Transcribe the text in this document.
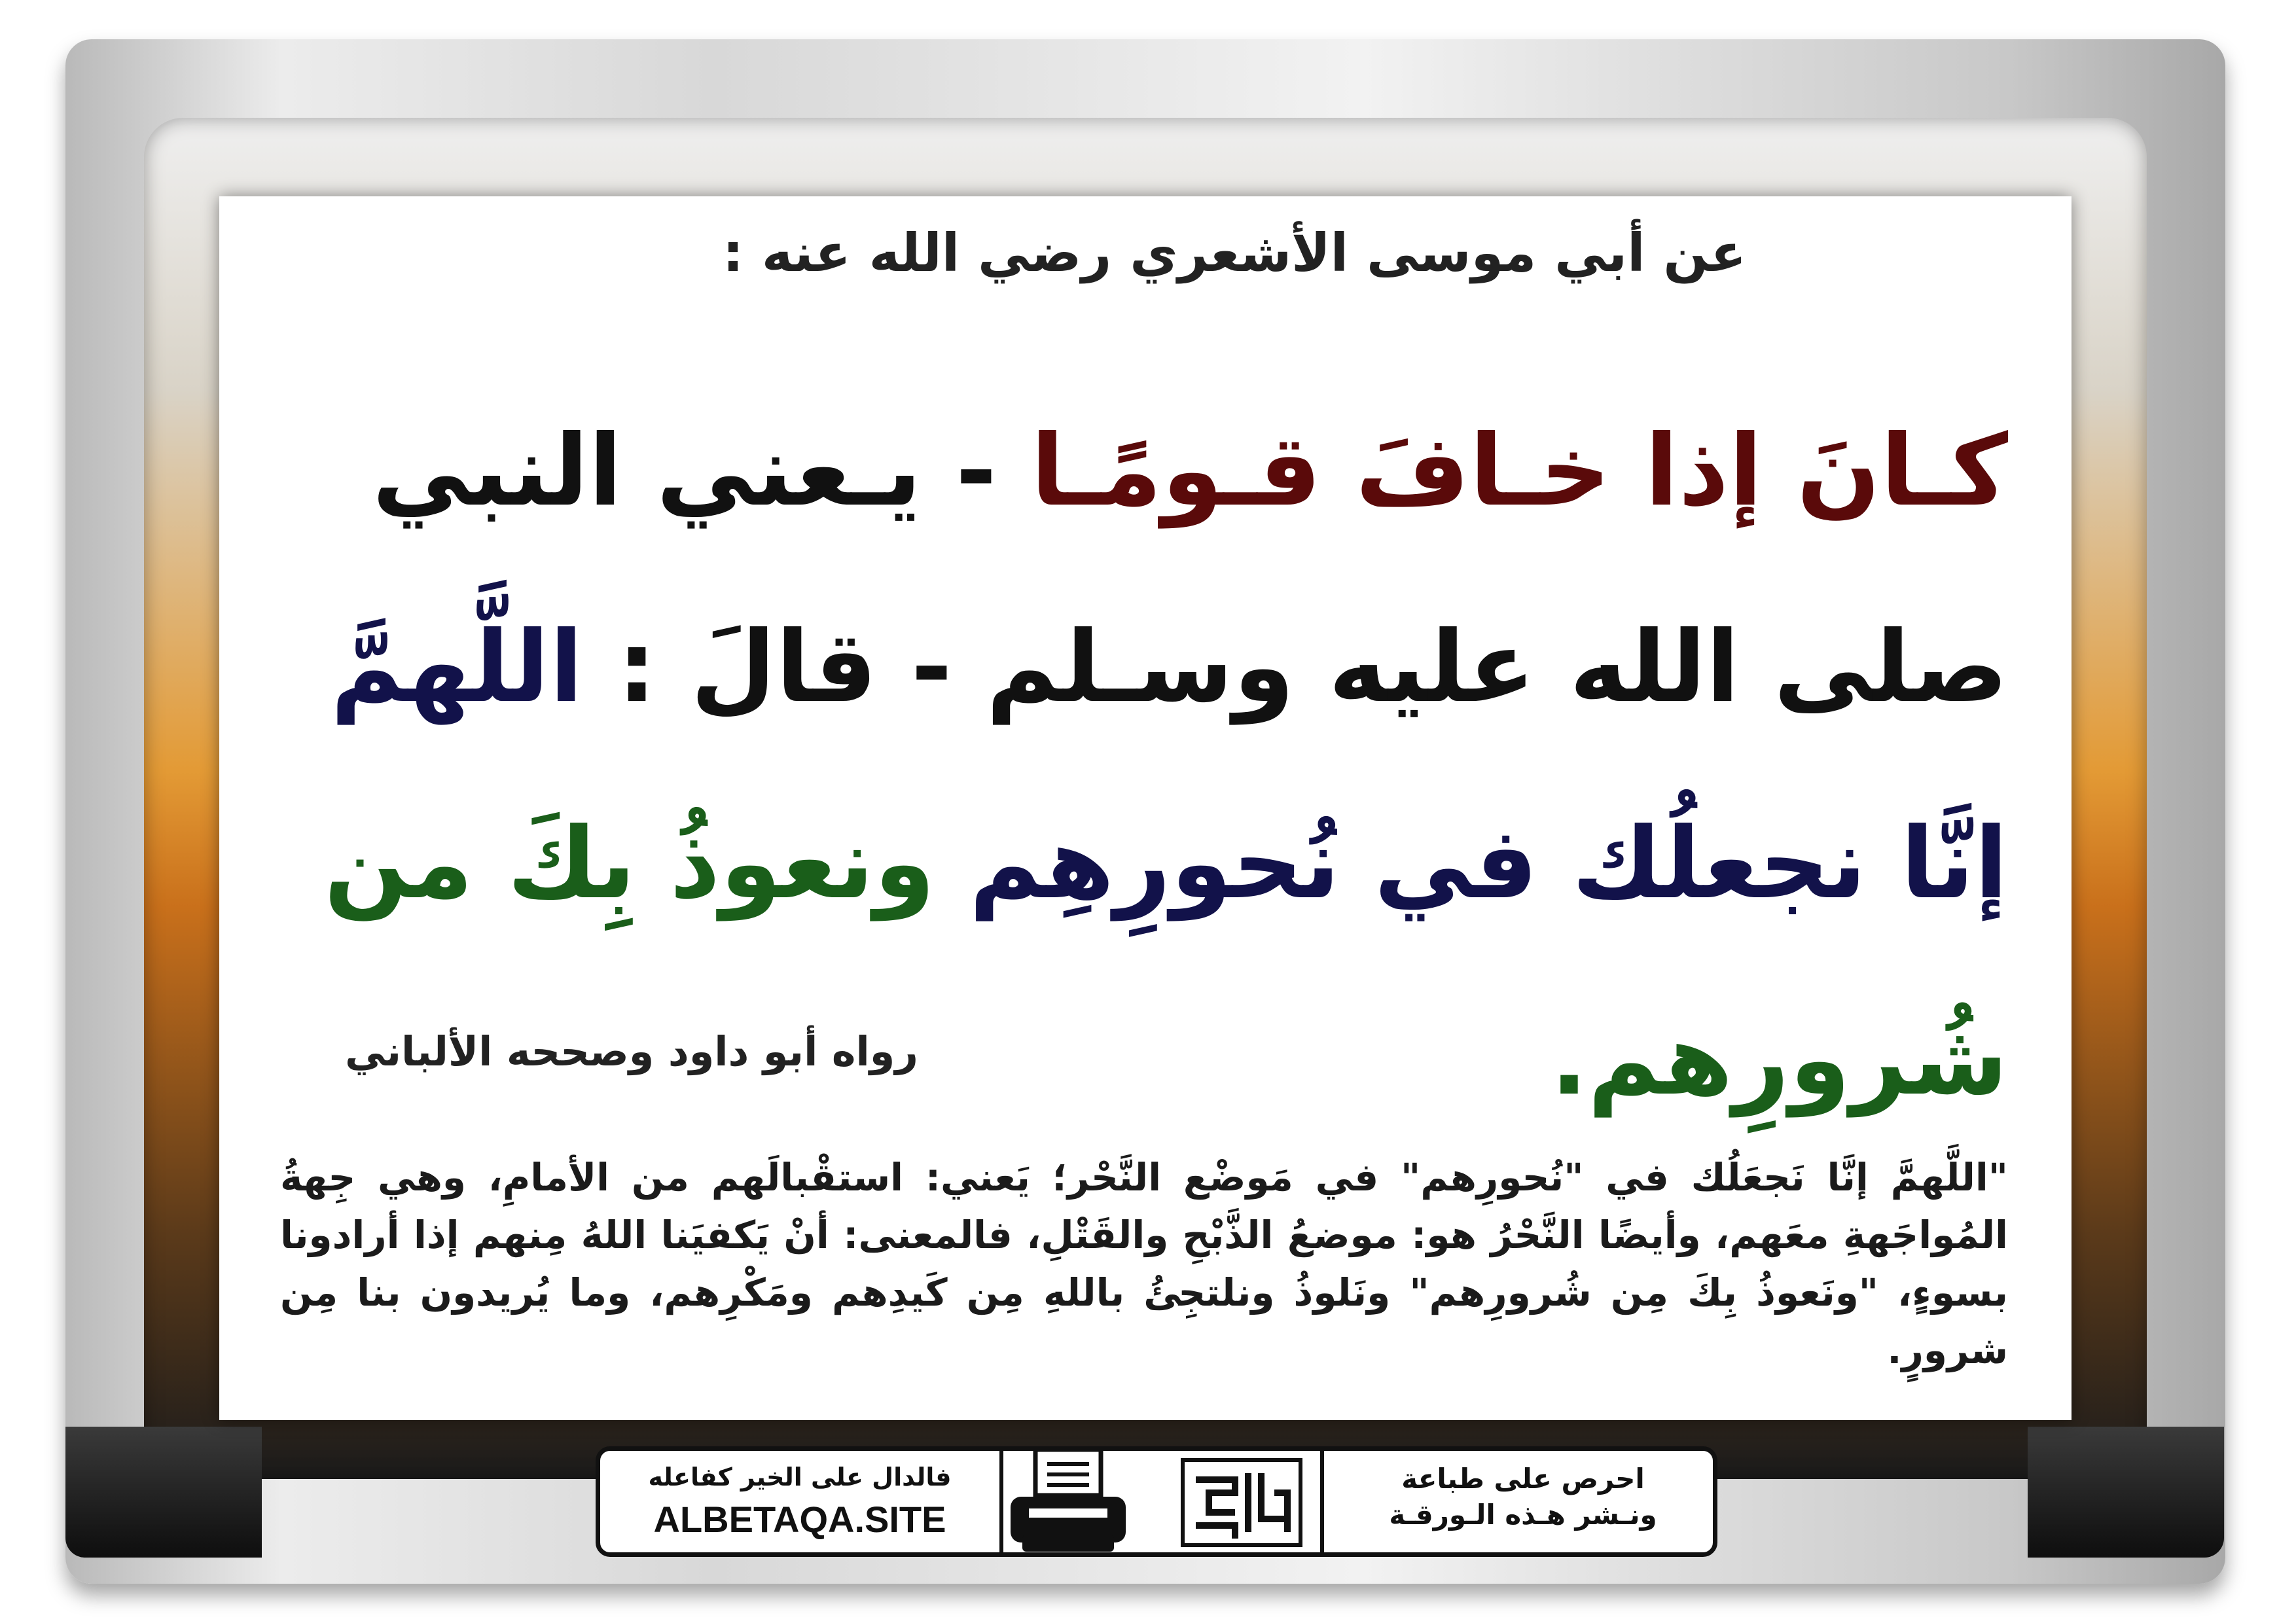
عن أبي موسى الأشعري رضي الله عنه :
كـانَ إذا خـافَ قـومًـا - يـعني النبي صلى الله عليه وسـلم - قالَ : اللَّهمَّ إنَّا نجعلُك في نُحورِهِم ونعوذُ بِكَ من شُرورِهم.
رواه أبو داود وصححه الألباني
"اللَّهمَّ إنَّا نَجعَلُك في "نُحورِهم" في مَوضْع النَّحْر؛ يَعني: استقْبالَهم من الأمامِ، وهي جِهةُ المُواجَهةِ معَهم، وأيضًا النَّحْرُ هو: موضعُ الذَّبْحِ والقَتْلِ، فالمعنى: أنْ يَكفيَنا اللهُ مِنهم إذا أرادونا بسوءٍ، "ونَعوذُ بِكَ مِن شُرورِهم" ونَلوذُ ونلتجِئُ باللهِ مِن كَيدِهم ومَكْرِهم، وما يُريدون بنا مِن شرورٍ.
فالدال على الخير كفاعله
ALBETAQA.SITE
احرص على طباعة
ونـشر هـذه الـورقـة
